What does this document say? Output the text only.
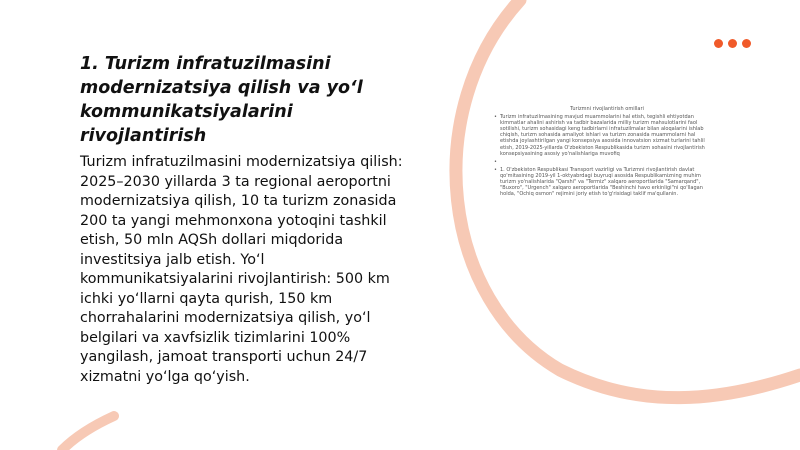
1. Turizm infratuzilmasini modernizatsiya qilish va yo‘l kommunikatsiyalarini rivojlantirish

Turizm infratuzilmasini modernizatsiya qilish: 2025–2030 yillarda 3 ta regional aeroportni modernizatsiya qilish, 10 ta turizm zonasida 200 ta yangi mehmonxona yotoqini tashkil etish, 50 mln AQSh dollari miqdorida investitsiya jalb etish. Yo‘l kommunikatsiyalarini rivojlantirish: 500 km ichki yo‘llarni qayta qurish, 150 km chorrahalarini modernizatsiya qilish, yo‘l belgilari va xavfsizlik tizimlarini 100% yangilash, jamoat transporti uchun 24/7 xizmatni yo‘lga qo‘yish.

Turizmni rivojlantirish omillari
• Turizm infratuzilmasining mavjud muammolarini hal etish, tegishli ehtiyotdan kimmatlar ahalini ashirish va tadbir bazalarida milliy turizm mahsulotlarini faol sotilishi, turizm sohasidagi keng tadbirlarni infratuzilmalar bilan aloqalarini ishlab chiqish, turizm sohasida amaliyot ishlari va turizm zonasida muammolarni hal etishda joylashtirilgan yangi konsepsiya asosida innovatsion xizmat turlarini tahlil etish, 2019-2025-yillarda O'zbekiston Respublikasida turizm sohasini rivojlantirish konsepsiyasining asosiy yo'nalishlariga muvofiq
•
• 1. O'zbekiston Respublikasi Transport vazirligi va Turizmni rivojlantirish davlat qo'mitasining 2019-yil 1-oktyabrdagi buyruqi asosida Respublikamizning muhim turizm yo'nalishlarida "Qarshi" va "Termiz" xalqaro aeroportlarida "Samarqand", "Buxoro", "Urgench" xalqaro aeroportlarida "Beshinchi havo erkinligi"ni qo'llagan holda, "Ochiq osmon" rejimini joriy etish to'g'risidagi taklif ma'qullanin.
